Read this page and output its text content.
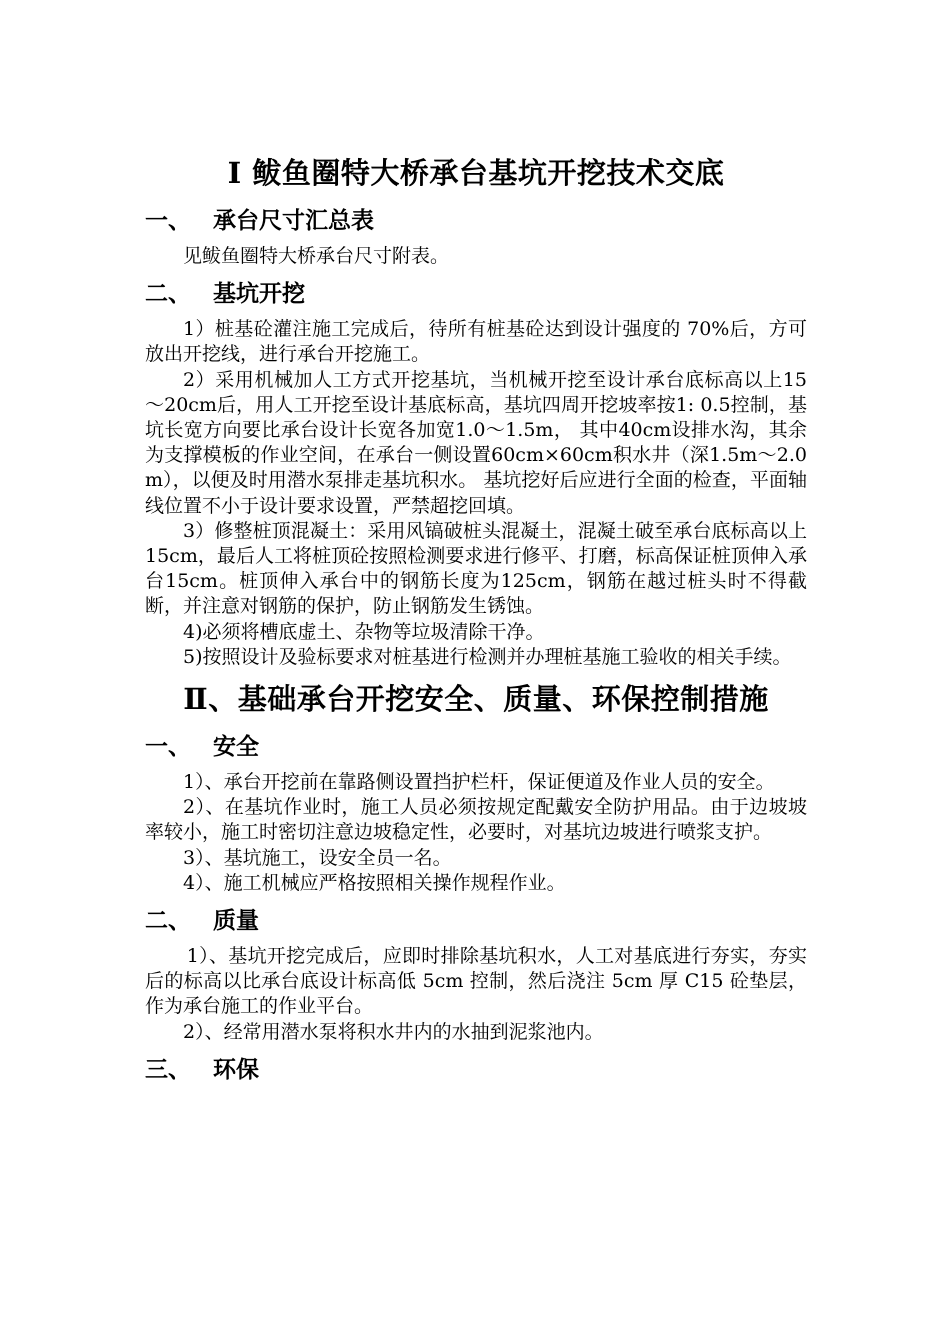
Ⅰ 鲅鱼圈特大桥承台基坑开挖技术交底
一、 承台尺寸汇总表

见鲅鱼圈特大桥承台尺寸附表。

二、 基坑开挖

1）桩基砼灌注施工完成后，待所有桩基砼达到设计强度的 70%后，方可放出开挖线，进行承台开挖施工。

2）采用机械加人工方式开挖基坑，当机械开挖至设计承台底标高以上15～20cm后，用人工开挖至设计基底标高，基坑四周开挖坡率按1: 0.5控制，基坑长宽方向要比承台设计长宽各加宽1.0～1.5m， 其中40cm设排水沟，其余为支撑模板的作业空间，在承台一侧设置60cm×60cm积水井（深1.5m～2.0m），以便及时用潜水泵排走基坑积水。 基坑挖好后应进行全面的检查，平面轴线位置不小于设计要求设置，严禁超挖回填。

3）修整桩顶混凝土：采用风镐破桩头混凝土，混凝土破至承台底标高以上15cm，最后人工将桩顶砼按照检测要求进行修平、打磨，标高保证桩顶伸入承台15cm。桩顶伸入承台中的钢筋长度为125cm，钢筋在越过桩头时不得截断，并注意对钢筋的保护，防止钢筋发生锈蚀。

4)必须将槽底虚土、杂物等垃圾清除干净。

5)按照设计及验标要求对桩基进行检测并办理桩基施工验收的相关手续。

Ⅱ、基础承台开挖安全、质量、环保控制措施
一、 安全

1）、承台开挖前在靠路侧设置挡护栏杆，保证便道及作业人员的安全。

2）、在基坑作业时，施工人员必须按规定配戴安全防护用品。由于边坡坡率较小，施工时密切注意边坡稳定性，必要时，对基坑边坡进行喷浆支护。

3）、基坑施工，设安全员一名。

4）、施工机械应严格按照相关操作规程作业。

二、 质量

1）、基坑开挖完成后，应即时排除基坑积水，人工对基底进行夯实，夯实后的标高以比承台底设计标高低 5cm 控制，然后浇注 5cm 厚 C15 砼垫层，作为承台施工的作业平台。

2）、经常用潜水泵将积水井内的水抽到泥浆池内。

三、 环保
